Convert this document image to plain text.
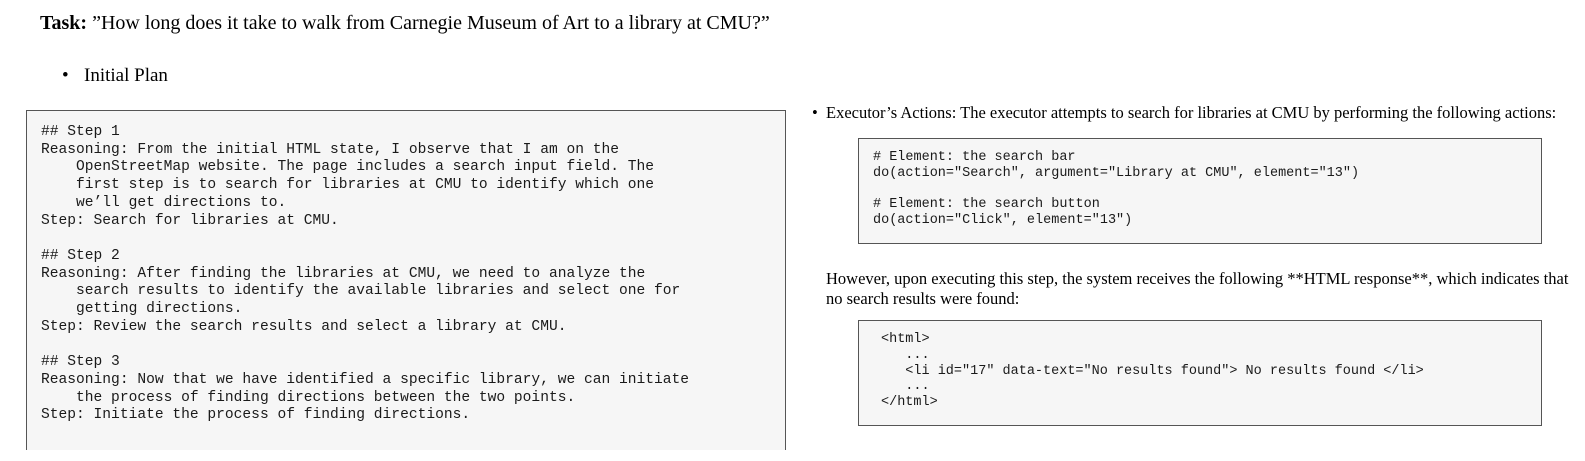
Task: ”How long does it take to walk from Carnegie Museum of Art to a library at CMU?”
• Initial Plan
## Step 1
Reasoning: From the initial HTML state, I observe that I am on the
OpenStreetMap website. The page includes a search input field. The
first step is to search for libraries at CMU to identify which one
we’ll get directions to.
Step: Search for libraries at CMU.

## Step 2
Reasoning: After finding the libraries at CMU, we need to analyze the
search results to identify the available libraries and select one for
getting directions.
Step: Review the search results and select a library at CMU.

## Step 3
Reasoning: Now that we have identified a specific library, we can initiate
the process of finding directions between the two points.
Step: Initiate the process of finding directions.
• Executor’s Actions: The executor attempts to search for libraries at CMU by performing the following actions:
# Element: the search bar
do(action="Search", argument="Library at CMU", element="13")

# Element: the search button
do(action="Click", element="13")
However, upon executing this step, the system receives the following **HTML response**, which indicates that no search results were found:
<html>
...
<li id="17" data-text="No results found"> No results found </li>
...
</html>
